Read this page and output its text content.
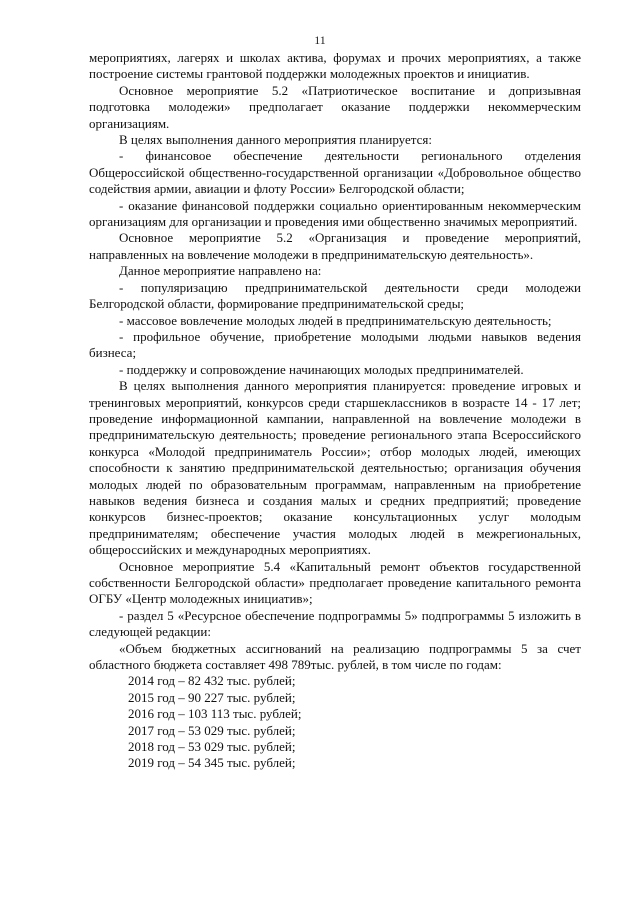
11

мероприятиях, лагерях и школах актива, форумах и прочих мероприятиях, а также построение системы грантовой поддержки молодежных проектов и инициатив.

Основное мероприятие 5.2 «Патриотическое воспитание и допризывная подготовка молодежи» предполагает оказание поддержки некоммерческим организациям.

В целях выполнения данного мероприятия планируется:

- финансовое обеспечение деятельности регионального отделения Общероссийской общественно-государственной организации «Добровольное общество содействия армии, авиации и флоту России» Белгородской области;

- оказание финансовой поддержки социально ориентированным некоммерческим организациям для организации и проведения ими общественно значимых мероприятий.

Основное мероприятие 5.2 «Организация и проведение мероприятий, направленных на вовлечение молодежи в предпринимательскую деятельность».

Данное мероприятие направлено на:

- популяризацию предпринимательской деятельности среди молодежи Белгородской области, формирование предпринимательской среды;

- массовое вовлечение молодых людей в предпринимательскую деятельность;

- профильное обучение, приобретение молодыми людьми навыков ведения бизнеса;

- поддержку и сопровождение начинающих молодых предпринимателей.

В целях выполнения данного мероприятия планируется: проведение игровых и тренинговых мероприятий, конкурсов среди старшеклассников в возрасте 14 - 17 лет; проведение информационной кампании, направленной на вовлечение молодежи в предпринимательскую деятельность; проведение регионального этапа Всероссийского конкурса «Молодой предприниматель России»; отбор молодых людей, имеющих способности к занятию предпринимательской деятельностью; организация обучения молодых людей по образовательным программам, направленным на приобретение навыков ведения бизнеса и создания малых и средних предприятий; проведение конкурсов бизнес-проектов; оказание консультационных услуг молодым предпринимателям; обеспечение участия молодых людей в межрегиональных, общероссийских и международных мероприятиях.

Основное мероприятие 5.4 «Капитальный ремонт объектов государственной собственности Белгородской области» предполагает проведение капитального ремонта ОГБУ «Центр молодежных инициатив»;

- раздел 5 «Ресурсное обеспечение подпрограммы 5» подпрограммы 5 изложить в следующей редакции:

«Объем бюджетных ассигнований на реализацию подпрограммы 5 за счет областного бюджета составляет 498 789тыс. рублей, в том числе по годам:

2014 год – 82 432 тыс. рублей;

2015 год – 90 227 тыс. рублей;

2016 год – 103 113 тыс. рублей;

2017 год – 53 029 тыс. рублей;

2018 год – 53 029 тыс. рублей;

2019 год – 54 345 тыс. рублей;
